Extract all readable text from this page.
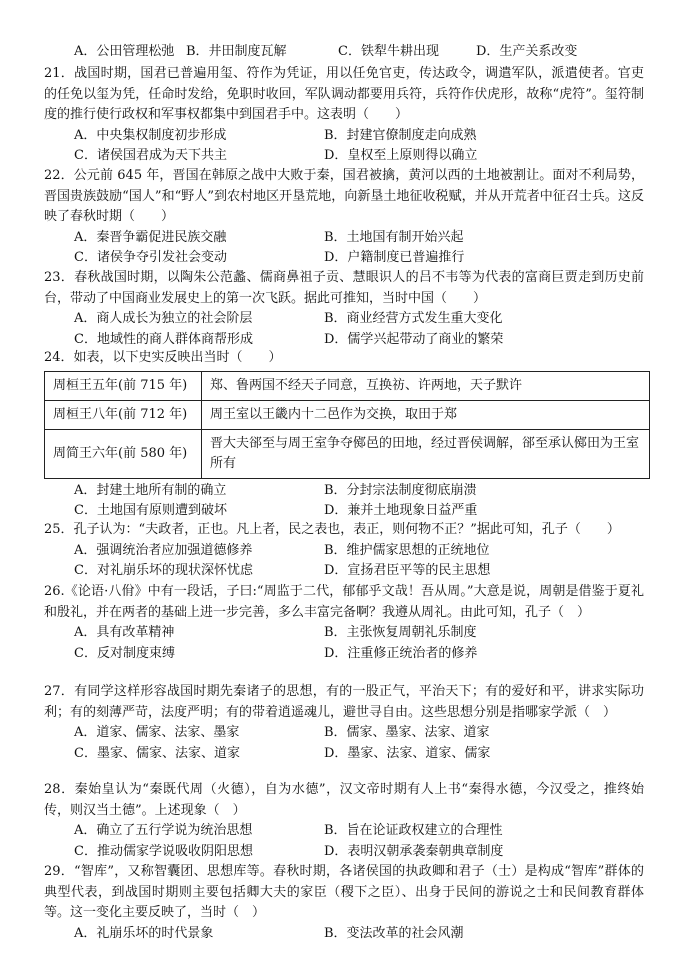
A．公田管理松弛 B．井田制度瓦解	C．铁犁牛耕出现	D．生产关系改变

21．战国时期，国君已普遍用玺、符作为凭证，用以任免官吏，传达政令，调遣军队，派遣使者。官吏的任免以玺为凭，任命时发给，免职时收回，军队调动都要用兵符，兵符作伏虎形，故称“虎符”。玺符制度的推行使行政权和军事权都集中到国君手中。这表明（　　）

A．中央集权制度初步形成	B．封建官僚制度走向成熟
C．诸侯国君成为天下共主	D．皇权至上原则得以确立

22．公元前 645 年，晋国在韩原之战中大败于秦，国君被擒，黄河以西的土地被割让。面对不利局势，晋国贵族鼓励“国人”和“野人”到农村地区开垦荒地，向新垦土地征收税赋，并从开荒者中征召士兵。这反映了春秋时期（　　）

A．秦晋争霸促进民族交融	B．土地国有制开始兴起
C．诸侯争夺引发社会变动	D．户籍制度已普遍推行

23．春秋战国时期，以陶朱公范蠡、儒商鼻祖子贡、慧眼识人的吕不韦等为代表的富商巨贾走到历史前台，带动了中国商业发展史上的第一次飞跃。据此可推知，当时中国（　　）

A．商人成长为独立的社会阶层	B．商业经营方式发生重大变化
C．地域性的商人群体商帮形成	D．儒学兴起带动了商业的繁荣

24．如表，以下史实反映出当时（　　）

周桓王五年(前 715 年)	郑、鲁两国不经天子同意，互换祊、许两地，天子默许
周桓王八年(前 712 年)	周王室以王畿内十二邑作为交换，取田于郑
周简王六年(前 580 年)	晋大夫郤至与周王室争夺鄇邑的田地，经过晋侯调解，郤至承认鄇田为王室所有
A．封建土地所有制的确立	B．分封宗法制度彻底崩溃
C．土地国有原则遭到破坏	D．兼并土地现象日益严重

25．孔子认为：“夫政者，正也。凡上者，民之表也，表正，则何物不正？”据此可知，孔子（　　）

A．强调统治者应加强道德修养	B．维护儒家思想的正统地位
C．对礼崩乐坏的现状深怀忧虑	D．宣扬君臣平等的民主思想

26.《论语·八佾》中有一段话，子曰:“周监于二代，郁郁乎文哉！吾从周。”大意是说，周朝是借鉴于夏礼和殷礼，并在两者的基础上进一步完善，多么丰富完备啊？我遵从周礼。由此可知，孔子（　）

A．具有改革精神	B．主张恢复周朝礼乐制度
C．反对制度束缚	D．注重修正统治者的修养

27．有同学这样形容战国时期先秦诸子的思想，有的一股正气，平治天下；有的爱好和平，讲求实际功利；有的刻薄严苛，法度严明；有的带着逍遥魂儿，避世寻自由。这些思想分别是指哪家学派（　）

A．道家、儒家、法家、墨家	B．儒家、墨家、法家、道家
C．墨家、儒家、法家、道家	D．墨家、法家、道家、儒家

28．秦始皇认为“秦既代周（火德），自为水德”，汉文帝时期有人上书“秦得水德，今汉受之，推终始传，则汉当土德”。上述现象（　）

A．确立了五行学说为统治思想	B．旨在论证政权建立的合理性
C．推动儒家学说吸收阴阳思想	D．表明汉朝承袭秦朝典章制度

29．“智库”，又称智囊团、思想库等。春秋时期，各诸侯国的执政卿和君子（士）是构成“智库”群体的典型代表，到战国时期则主要包括卿大夫的家臣（稷下之臣）、出身于民间的游说之士和民间教育群体等。这一变化主要反映了，当时（　）

A．礼崩乐坏的时代景象	B．变法改革的社会风潮
